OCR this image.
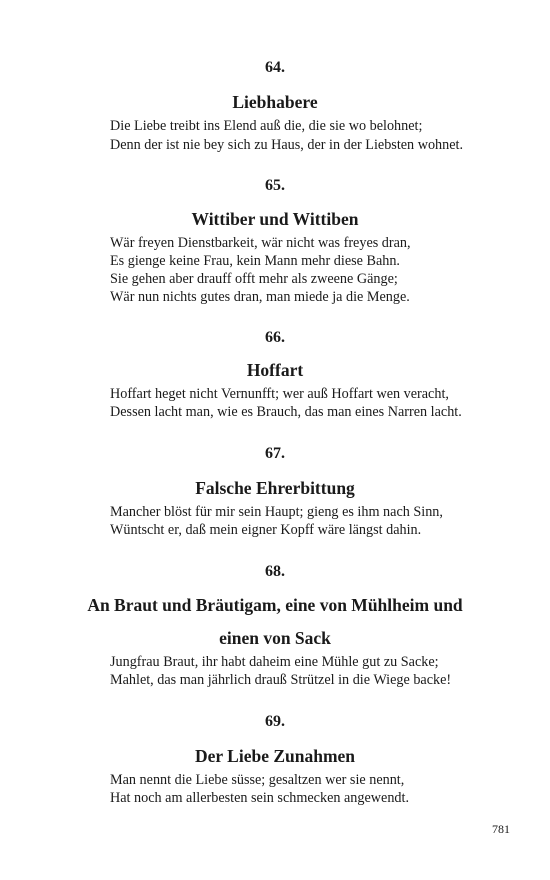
64.
Liebhabere
Die Liebe treibt ins Elend auß die, die sie wo belohnet;
Denn der ist nie bey sich zu Haus, der in der Liebsten wohnet.
65.
Wittiber und Wittiben
Wär freyen Dienstbarkeit, wär nicht was freyes dran,
Es gienge keine Frau, kein Mann mehr diese Bahn.
Sie gehen aber drauff offt mehr als zweene Gänge;
Wär nun nichts gutes dran, man miede ja die Menge.
66.
Hoffart
Hoffart heget nicht Vernunfft; wer auß Hoffart wen veracht,
Dessen lacht man, wie es Brauch, das man eines Narren lacht.
67.
Falsche Ehrerbittung
Mancher blöst für mir sein Haupt; gieng es ihm nach Sinn,
Wüntscht er, daß mein eigner Kopff wäre längst dahin.
68.
An Braut und Bräutigam, eine von Mühlheim und
einen von Sack
Jungfrau Braut, ihr habt daheim eine Mühle gut zu Sacke;
Mahlet, das man jährlich drauß Strützel in die Wiege backe!
69.
Der Liebe Zunahmen
Man nennt die Liebe süsse; gesaltzen wer sie nennt,
Hat noch am allerbesten sein schmecken angewendt.
781
